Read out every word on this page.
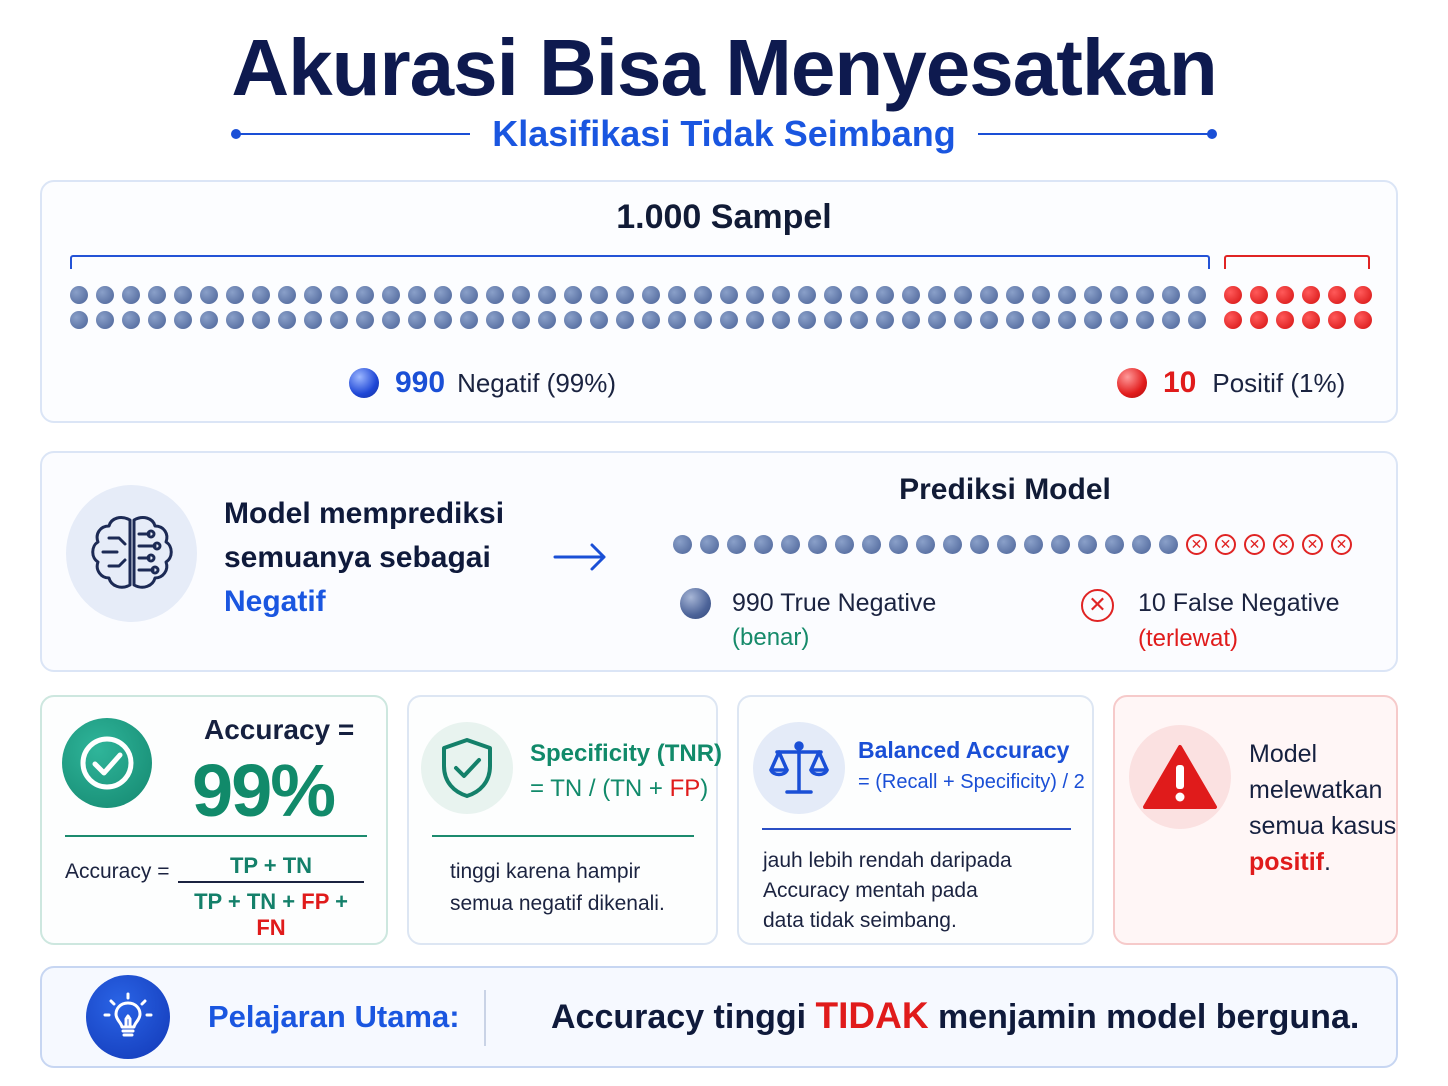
Akurasi Bisa Menyesatkan
Klasifikasi Tidak Seimbang
1.000 Sampel
990 Negatif (99%)	10 Positif (1%)
Model memprediksi
semuanya sebagai
Negatif
Prediksi Model
✕	✕	✕	✕	✕	✕
990 True Negative
(benar)
✕ 10 False Negative
(terlewat)
Accuracy =
99%
Accuracy =	TP + TN
TP + TN + FP + FN
Specificity (TNR)
= TN / (TN + FP)
tinggi karena hampir
semua negatif dikenali.
Balanced Accuracy
= (Recall + Specificity) / 2
jauh lebih rendah daripada
Accuracy mentah pada
data tidak seimbang.
Model
melewatkan
semua kasus
positif.
Pelajaran Utama:	Accuracy tinggi TIDAK menjamin model berguna.
